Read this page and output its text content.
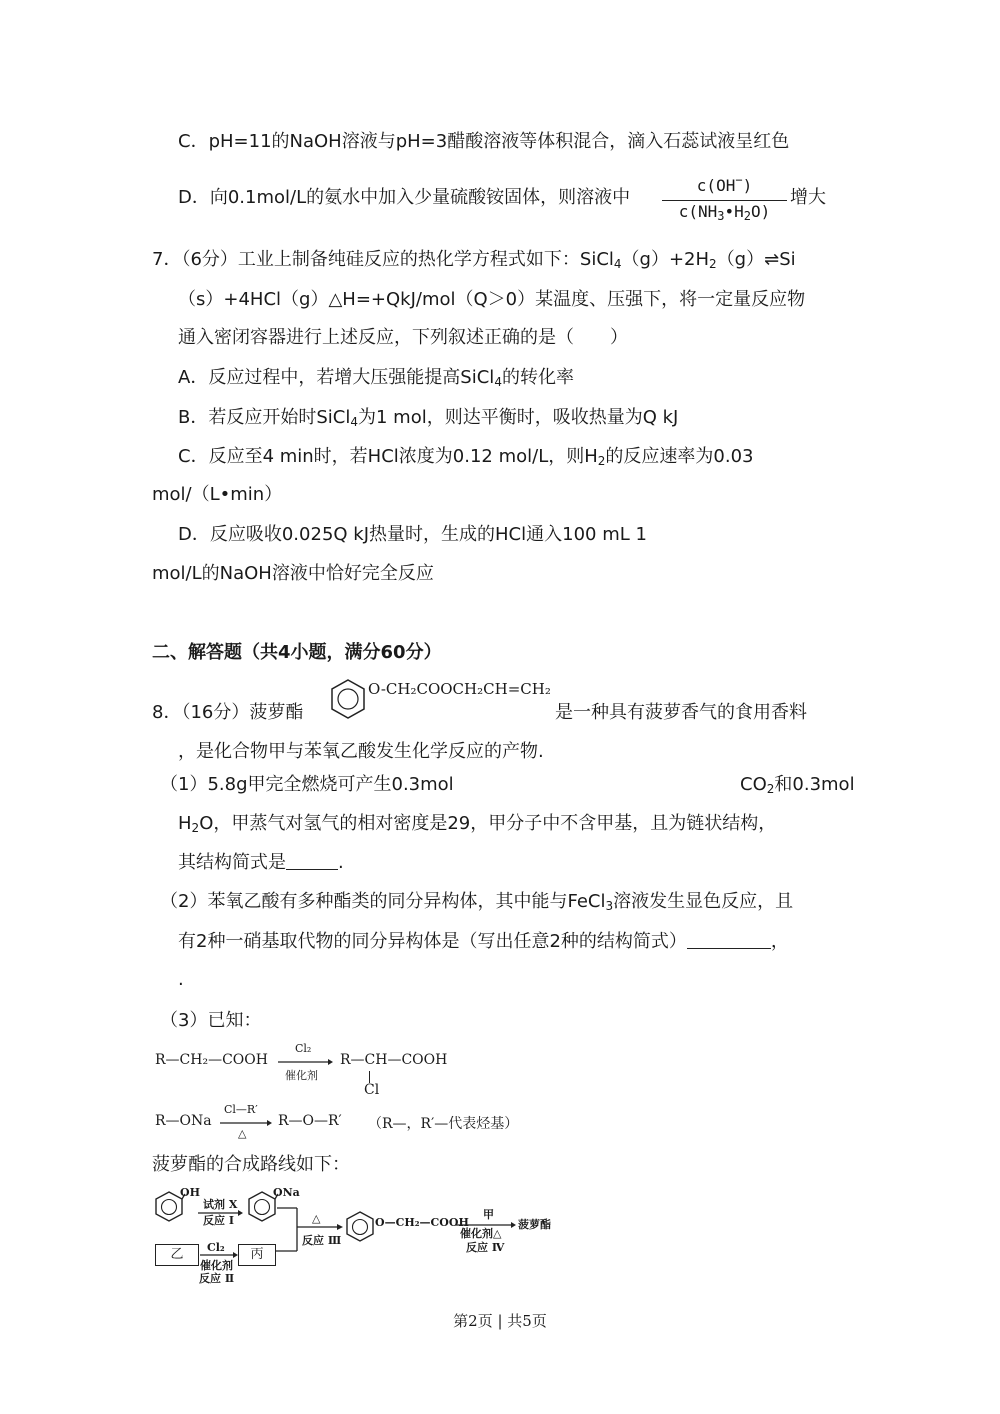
C．pH=11的NaOH溶液与pH=3醋酸溶液等体积混合，滴入石蕊试液呈红色
D．向0.1mol/L的氨水中加入少量硫酸铵固体，则溶液中
c(OH−)
$c(NH_3•H_2O)$
增大
7．（6分）工业上制备纯硅反应的热化学方程式如下：$SiCl_4(g)+2H_2(g)\rightleftharpoons Si$
（s）+4HCl（g）△H=+QkJ/mol（Q＞0）某温度、压强下，将一定量反应物
通入密闭容器进行上述反应，下列叙述正确的是（　　）
A．反应过程中，若增大压强能提高SiCl$_4$的转化率
B．若反应开始时SiCl$_4$为1 mol，则达平衡时，吸收热量为Q kJ
C．反应至4 min时，若HCl浓度为0.12 mol/L，则$H_2$的反应速率为0.03
mol/（L•min）
D．反应吸收0.025Q kJ热量时，生成的HCl通入100 mL 1
mol/L的NaOH溶液中恰好完全反应
二、解答题（共4小题，满分60分）
8．（16分）菠萝酯
O-CH₂COOCH₂CH=CH₂
是一种具有菠萝香气的食用香料
，是化合物甲与苯氧乙酸发生化学反应的产物.
（1）5.8g甲完全燃烧可产生0.3mol	$CO_2$和0.3mol
$H_2O$，甲蒸气对氢气的相对密度是29，甲分子中不含甲基，且为链状结构，
其结构简式是	.
（2）苯氧乙酸有多种酯类的同分异构体，其中能与FeCl$_3$溶液发生显色反应，且
有2种一硝基取代物的同分异构体是（写出任意2种的结构简式）	，
.
（3）已知：
R—CH₂—COOH
Cl₂
催化剂
R—CH—COOH
Cl
R—ONa
Cl—R′
△
R—O—R′ （R—，R′—代表烃基）
菠萝酯的合成路线如下：
OH
试剂 X
反应 Ⅰ
ONa
△
反应 Ⅲ
O—CH₂—COOH
甲
催化剂△
反应 Ⅳ
菠萝酯
乙	Cl₂
催化剂
反应 Ⅱ
丙
第2页 | 共5页
